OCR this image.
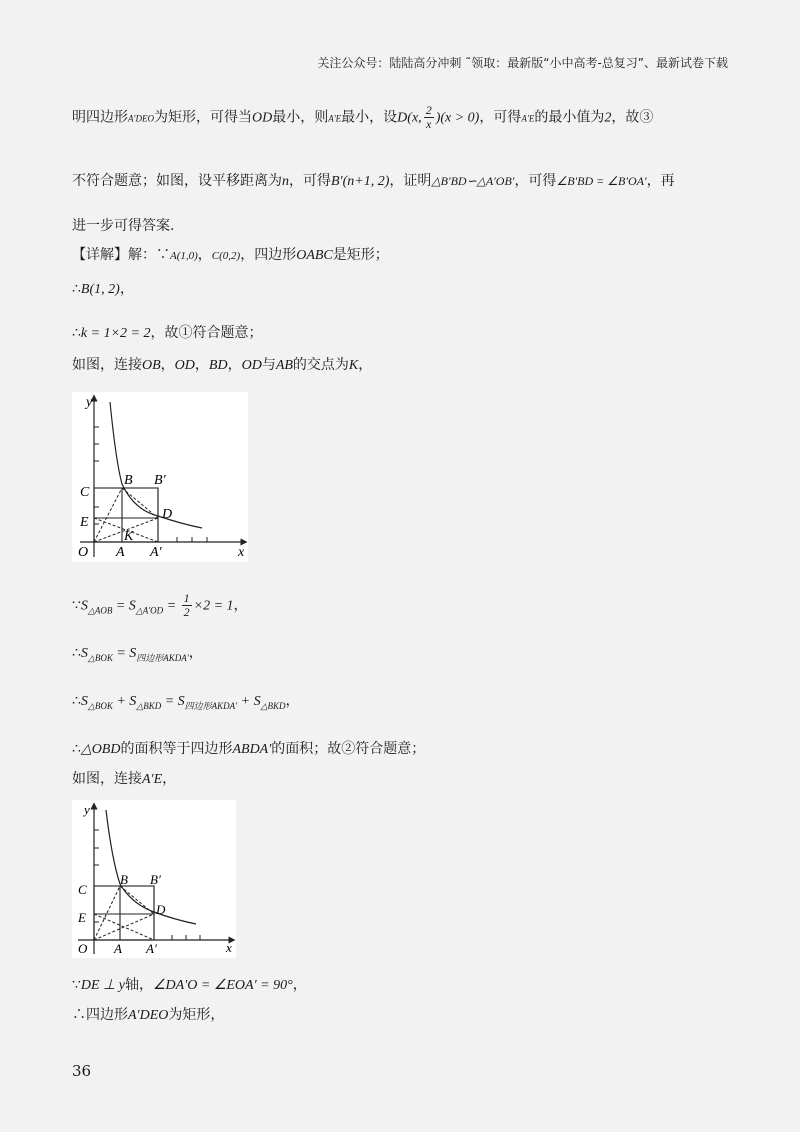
关注公众号：陆陆高分冲刺 ˜领取：最新版“小中高考-总复习”、最新试卷下载
明四边形A′DEO为矩形，可得当OD最小，则A′E最小，设D(x, $\frac{2}{x} )(x > 0)$，可得A′E的最小值为2，故③
不符合题意；如图，设平移距离为n，可得B′(n+1, 2)，证明△B′BD∽△A′OB′，可得∠B′BD = ∠B′OA′，再
进一步可得答案.
【详解】解：∵A(1,0)，C(0,2)，四边形OABC是矩形；
∴B(1, 2)，
∴k = 1×2 = 2，故①符合题意；
如图，连接OB，OD，BD，OD与AB的交点为K，
y
x
O A A′
B B′
C
D
E
K
$\because S_{\triangle AOB} = S_{\triangle A'OD} = \frac{1}{2} \times 2 = 1$，
$\therefore S_{\triangle BOK} = S_{四边形AKDA'}$，
$\therefore S_{\triangle BOK} + S_{\triangle BKD} = S_{四边形AKDA'} + S_{\triangle BKD}$，
∴△OBD的面积等于四边形ABDA′的面积；故②符合题意；
如图，连接A′E，
y
x
O A A′
B B′
C
D
E
∵DE ⊥ y轴，∠DA′O = ∠EOA′ = 90°，
∴四边形A′DEO为矩形，
36
